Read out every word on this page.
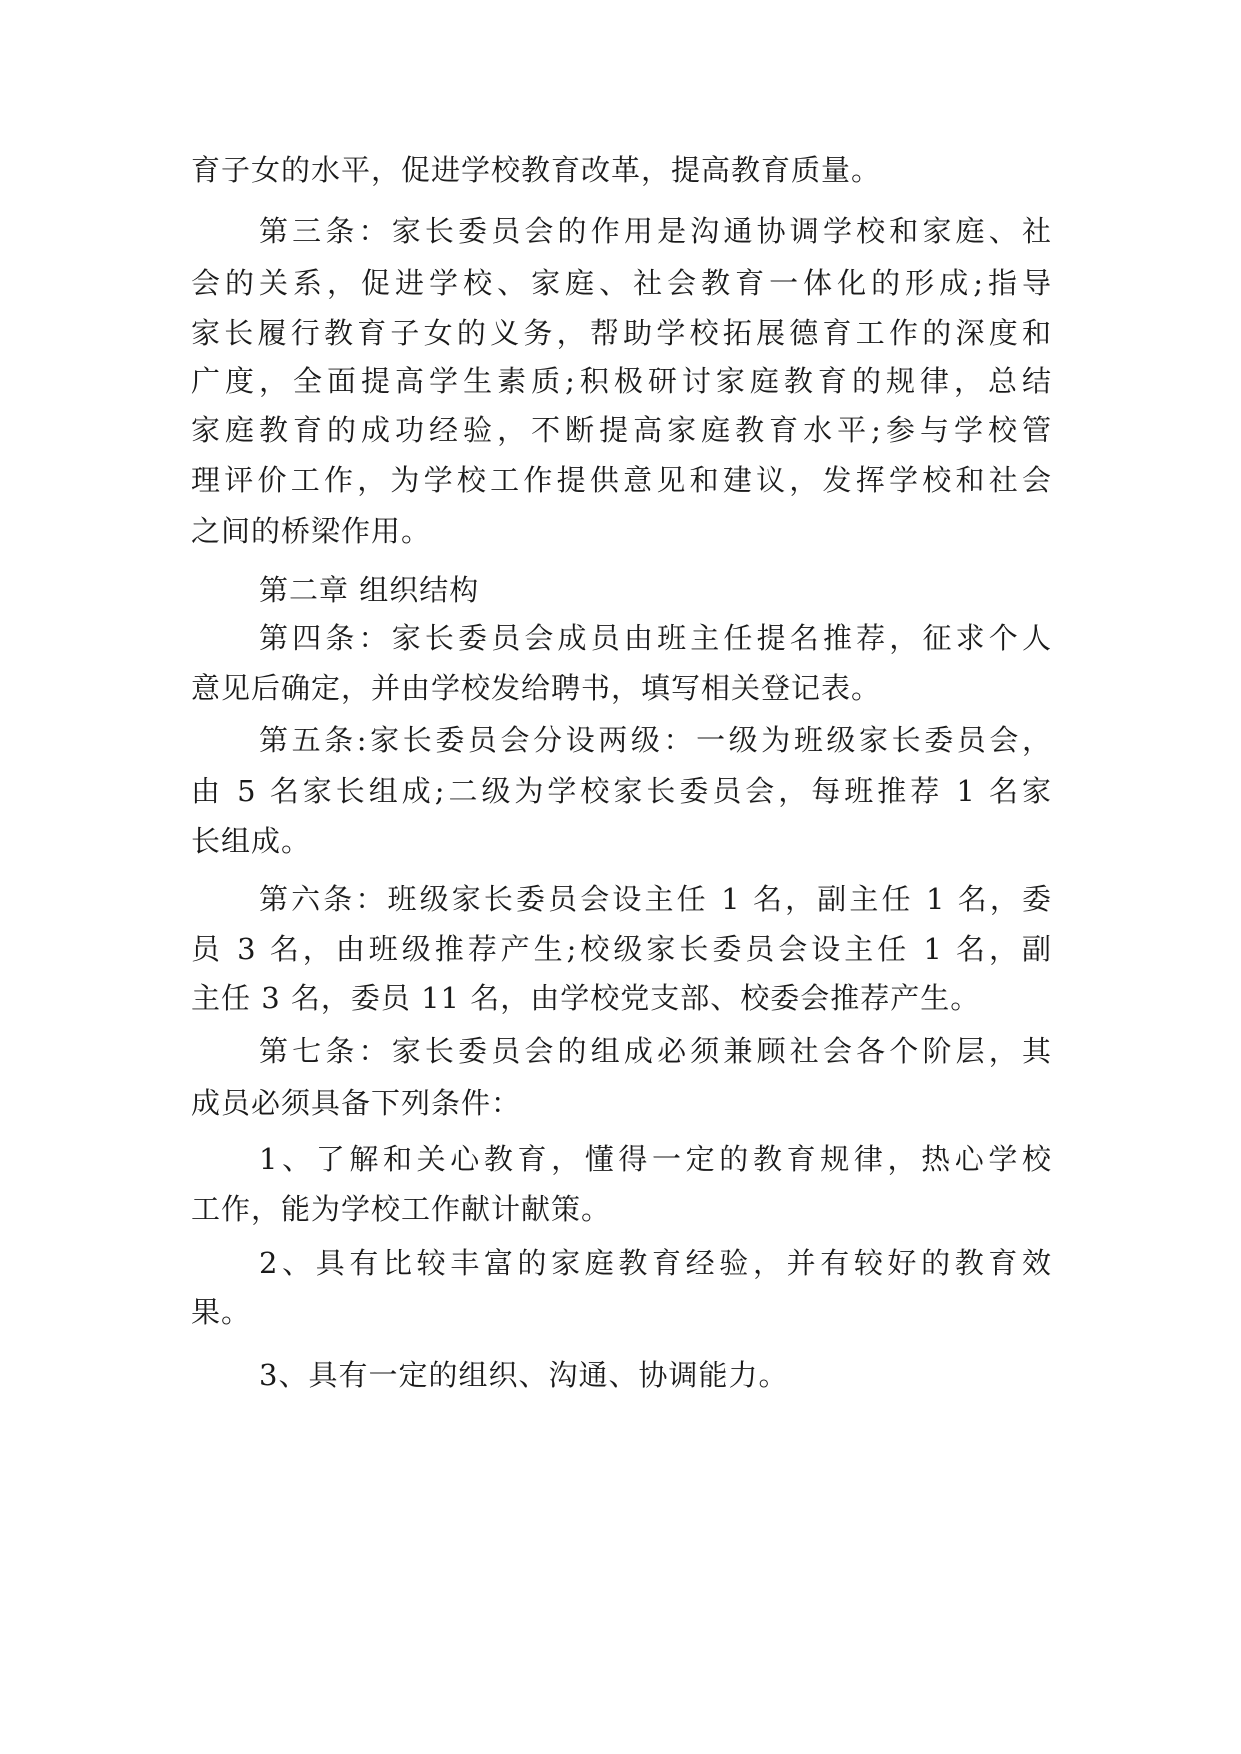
育子女的水平，促进学校教育改革，提高教育质量。
第三条：家长委员会的作用是沟通协调学校和家庭、社
会的关系，促进学校、家庭、社会教育一体化的形成;指导
家长履行教育子女的义务，帮助学校拓展德育工作的深度和
广度，全面提高学生素质;积极研讨家庭教育的规律，总结
家庭教育的成功经验，不断提高家庭教育水平;参与学校管
理评价工作，为学校工作提供意见和建议，发挥学校和社会
之间的桥梁作用。
第二章 组织结构
第四条：家长委员会成员由班主任提名推荐，征求个人
意见后确定，并由学校发给聘书，填写相关登记表。
第五条:家长委员会分设两级：一级为班级家长委员会，
由 5 名家长组成;二级为学校家长委员会，每班推荐 1 名家
长组成。
第六条：班级家长委员会设主任 1 名，副主任 1 名，委
员 3 名，由班级推荐产生;校级家长委员会设主任 1 名，副
主任 3 名，委员 11 名，由学校党支部、校委会推荐产生。
第七条：家长委员会的组成必须兼顾社会各个阶层，其
成员必须具备下列条件：
1、了解和关心教育，懂得一定的教育规律，热心学校
工作，能为学校工作献计献策。
2、具有比较丰富的家庭教育经验，并有较好的教育效
果。
3、具有一定的组织、沟通、协调能力。
